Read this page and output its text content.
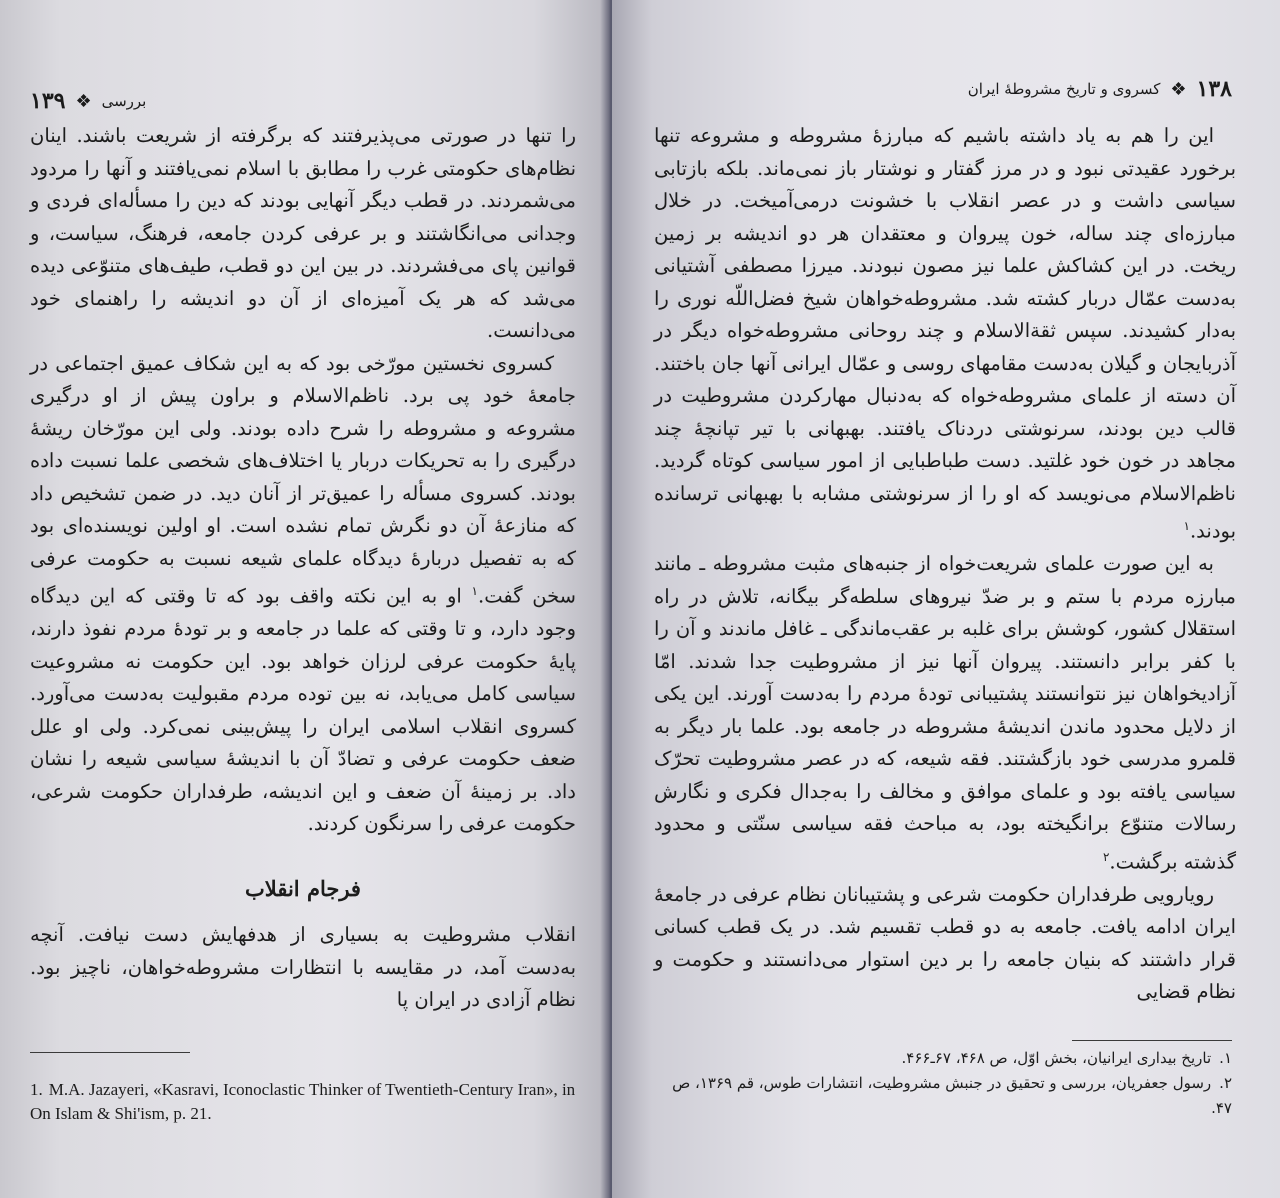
۱۳۹ ❖ بررسی

را تنها در صورتی می‌پذیرفتند که برگرفته از شریعت باشند. اینان نظام‌های حکومتی غرب را مطابق با اسلام نمی‌یافتند و آنها را مردود می‌شمردند. در قطب دیگر آنهایی بودند که دین را مسأله‌ای فردی و وجدانی می‌انگاشتند و بر عرفی کردن جامعه، فرهنگ، سیاست، و قوانین پای می‌فشردند. در بین این دو قطب، طیف‌های متنوّعی دیده می‌شد که هر یک آمیزه‌ای از آن دو اندیشه را راهنمای خود می‌دانست.

کسروی نخستین مورّخی بود که به این شکاف عمیق اجتماعی در جامعهٔ خود پی برد. ناظم‌الاسلام و براون پیش از او درگیری مشروعه و مشروطه را شرح داده بودند. ولی این مورّخان ریشهٔ درگیری را به تحریکات دربار یا اختلاف‌های شخصی علما نسبت داده بودند. کسروی مسأله را عمیق‌تر از آنان دید. در ضمن تشخیص داد که منازعهٔ آن دو نگرش تمام نشده است. او اولین نویسنده‌ای بود که به تفصیل دربارهٔ دیدگاه علمای شیعه نسبت به حکومت عرفی سخن گفت.$^۱$ او به این نکته واقف بود که تا وقتی که این دیدگاه وجود دارد، و تا وقتی که علما در جامعه و بر تودهٔ مردم نفوذ دارند، پایهٔ حکومت عرفی لرزان خواهد بود. این حکومت نه مشروعیت سیاسی کامل می‌یابد، نه بین توده مردم مقبولیت به‌دست می‌آورد. کسروی انقلاب اسلامی ایران را پیش‌بینی نمی‌کرد. ولی او علل ضعف حکومت عرفی و تضادّ آن با اندیشهٔ سیاسی شیعه را نشان داد. بر زمینهٔ آن ضعف و این اندیشه، طرفداران حکومت شرعی، حکومت عرفی را سرنگون کردند.

فرجام انقلاب

انقلاب مشروطیت به بسیاری از هدفهایش دست نیافت. آنچه به‌دست آمد، در مقایسه با انتظارات مشروطه‌خواهان، ناچیز بود. نظام آزادی در ایران پا

1. M.A. Jazayeri, «Kasravi, Iconoclastic Thinker of Twentieth-Century Iran», in On Islam & Shi'ism, p. 21.
۱۳۸
❖
کسروی و تاریخ مشروطهٔ ایران

این را هم به یاد داشته باشیم که مبارزهٔ مشروطه و مشروعه تنها برخورد عقیدتی نبود و در مرز گفتار و نوشتار باز نمی‌ماند. بلکه بازتابی سیاسی داشت و در عصر انقلاب با خشونت درمی‌آمیخت. در خلال مبارزه‌ای چند ساله، خون پیروان و معتقدان هر دو اندیشه بر زمین ریخت. در این کشاکش علما نیز مصون نبودند. میرزا مصطفی آشتیانی به‌دست عمّال دربار کشته شد. مشروطه‌خواهان شیخ فضل‌اللّه نوری را به‌دار کشیدند. سپس ثقة‌الاسلام و چند روحانی مشروطه‌خواه دیگر در آذربایجان و گیلان به‌دست مقامهای روسی و عمّال ایرانی آنها جان باختند. آن دسته از علمای مشروطه‌خواه که به‌دنبال مهارکردن مشروطیت در قالب دین بودند، سرنوشتی دردناک یافتند. بهبهانی با تیر تپانچهٔ چند مجاهد در خون خود غلتید. دست طباطبایی از امور سیاسی کوتاه گردید. ناظم‌الاسلام می‌نویسد که او را از سرنوشتی مشابه با بهبهانی ترسانده بودند.$^۱$

به این صورت علمای شریعت‌خواه از جنبه‌های مثبت مشروطه ـ مانند مبارزه مردم با ستم و بر ضدّ نیروهای سلطه‌گر بیگانه، تلاش در راه استقلال کشور، کوشش برای غلبه بر عقب‌ماندگی ـ غافل ماندند و آن را با کفر برابر دانستند. پیروان آنها نیز از مشروطیت جدا شدند. امّا آزادیخواهان نیز نتوانستند پشتیبانی تودهٔ مردم را به‌دست آورند. این یکی از دلایل محدود ماندن اندیشهٔ مشروطه در جامعه بود. علما بار دیگر به قلمرو مدرسی خود بازگشتند. فقه شیعه، که در عصر مشروطیت تحرّک سیاسی یافته بود و علمای موافق و مخالف را به‌جدال فکری و نگارش رسالات متنوّع برانگیخته بود، به مباحث فقه سیاسی سنّتی و محدود گذشته برگشت.$^۲$

رویارویی طرفداران حکومت شرعی و پشتیبانان نظام عرفی در جامعهٔ ایران ادامه یافت. جامعه به دو قطب تقسیم شد. در یک قطب کسانی قرار داشتند که بنیان جامعه را بر دین استوار می‌دانستند و حکومت و نظام قضایی

۱.تاریخ بیداری ایرانیان، بخش اوّل، ص ۴۶۸، ۶۷ـ۴۶۶.

۲.رسول جعفریان، بررسی و تحقیق در جنبش مشروطیت، انتشارات طوس، قم ۱۳۶۹، ص ۴۷.
